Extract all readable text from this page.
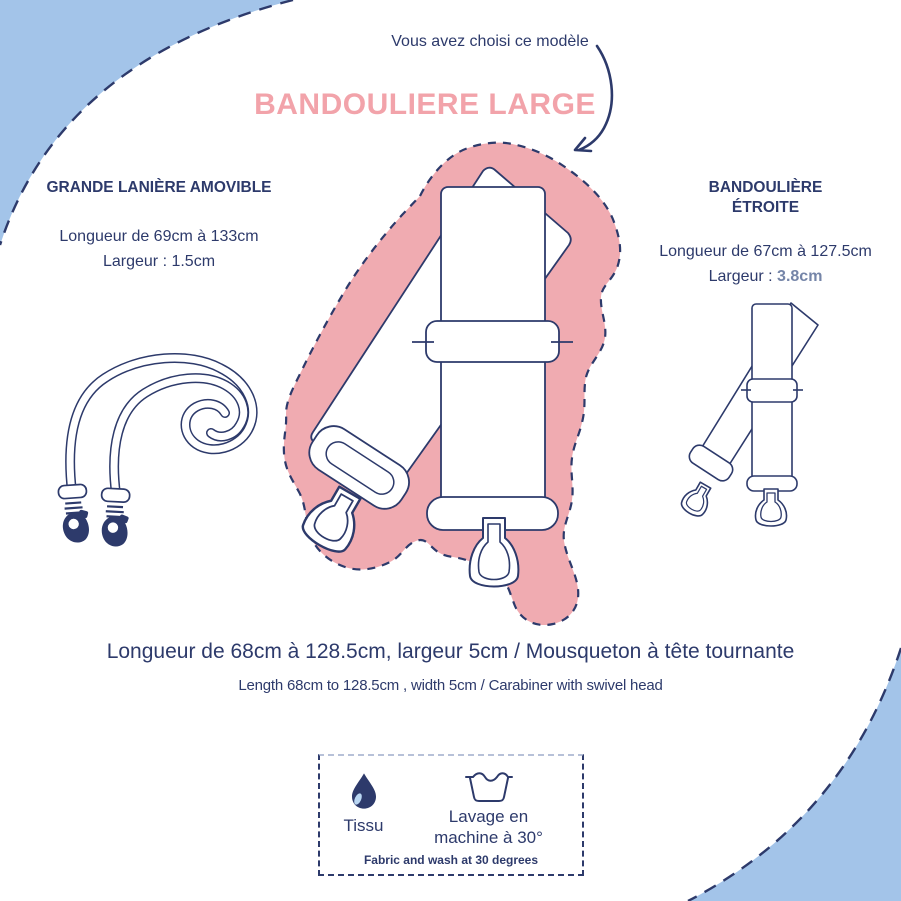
Vous avez choisi ce modèle
BANDOULIERE LARGE
GRANDE LANIÈRE AMOVIBLE

Longueur de 69cm à 133cm
Largeur : 1.5cm

BANDOULIÈRE
ÉTROITE

Longueur de 67cm à 127.5cm
Largeur : 3.8cm

Longueur de 68cm à 128.5cm, largeur 5cm / Mousqueton à tête tournante
Length 68cm to 128.5cm , width 5cm / Carabiner with swivel head
Tissu	Lavage en machine à 30°
Fabric and wash at 30 degrees
